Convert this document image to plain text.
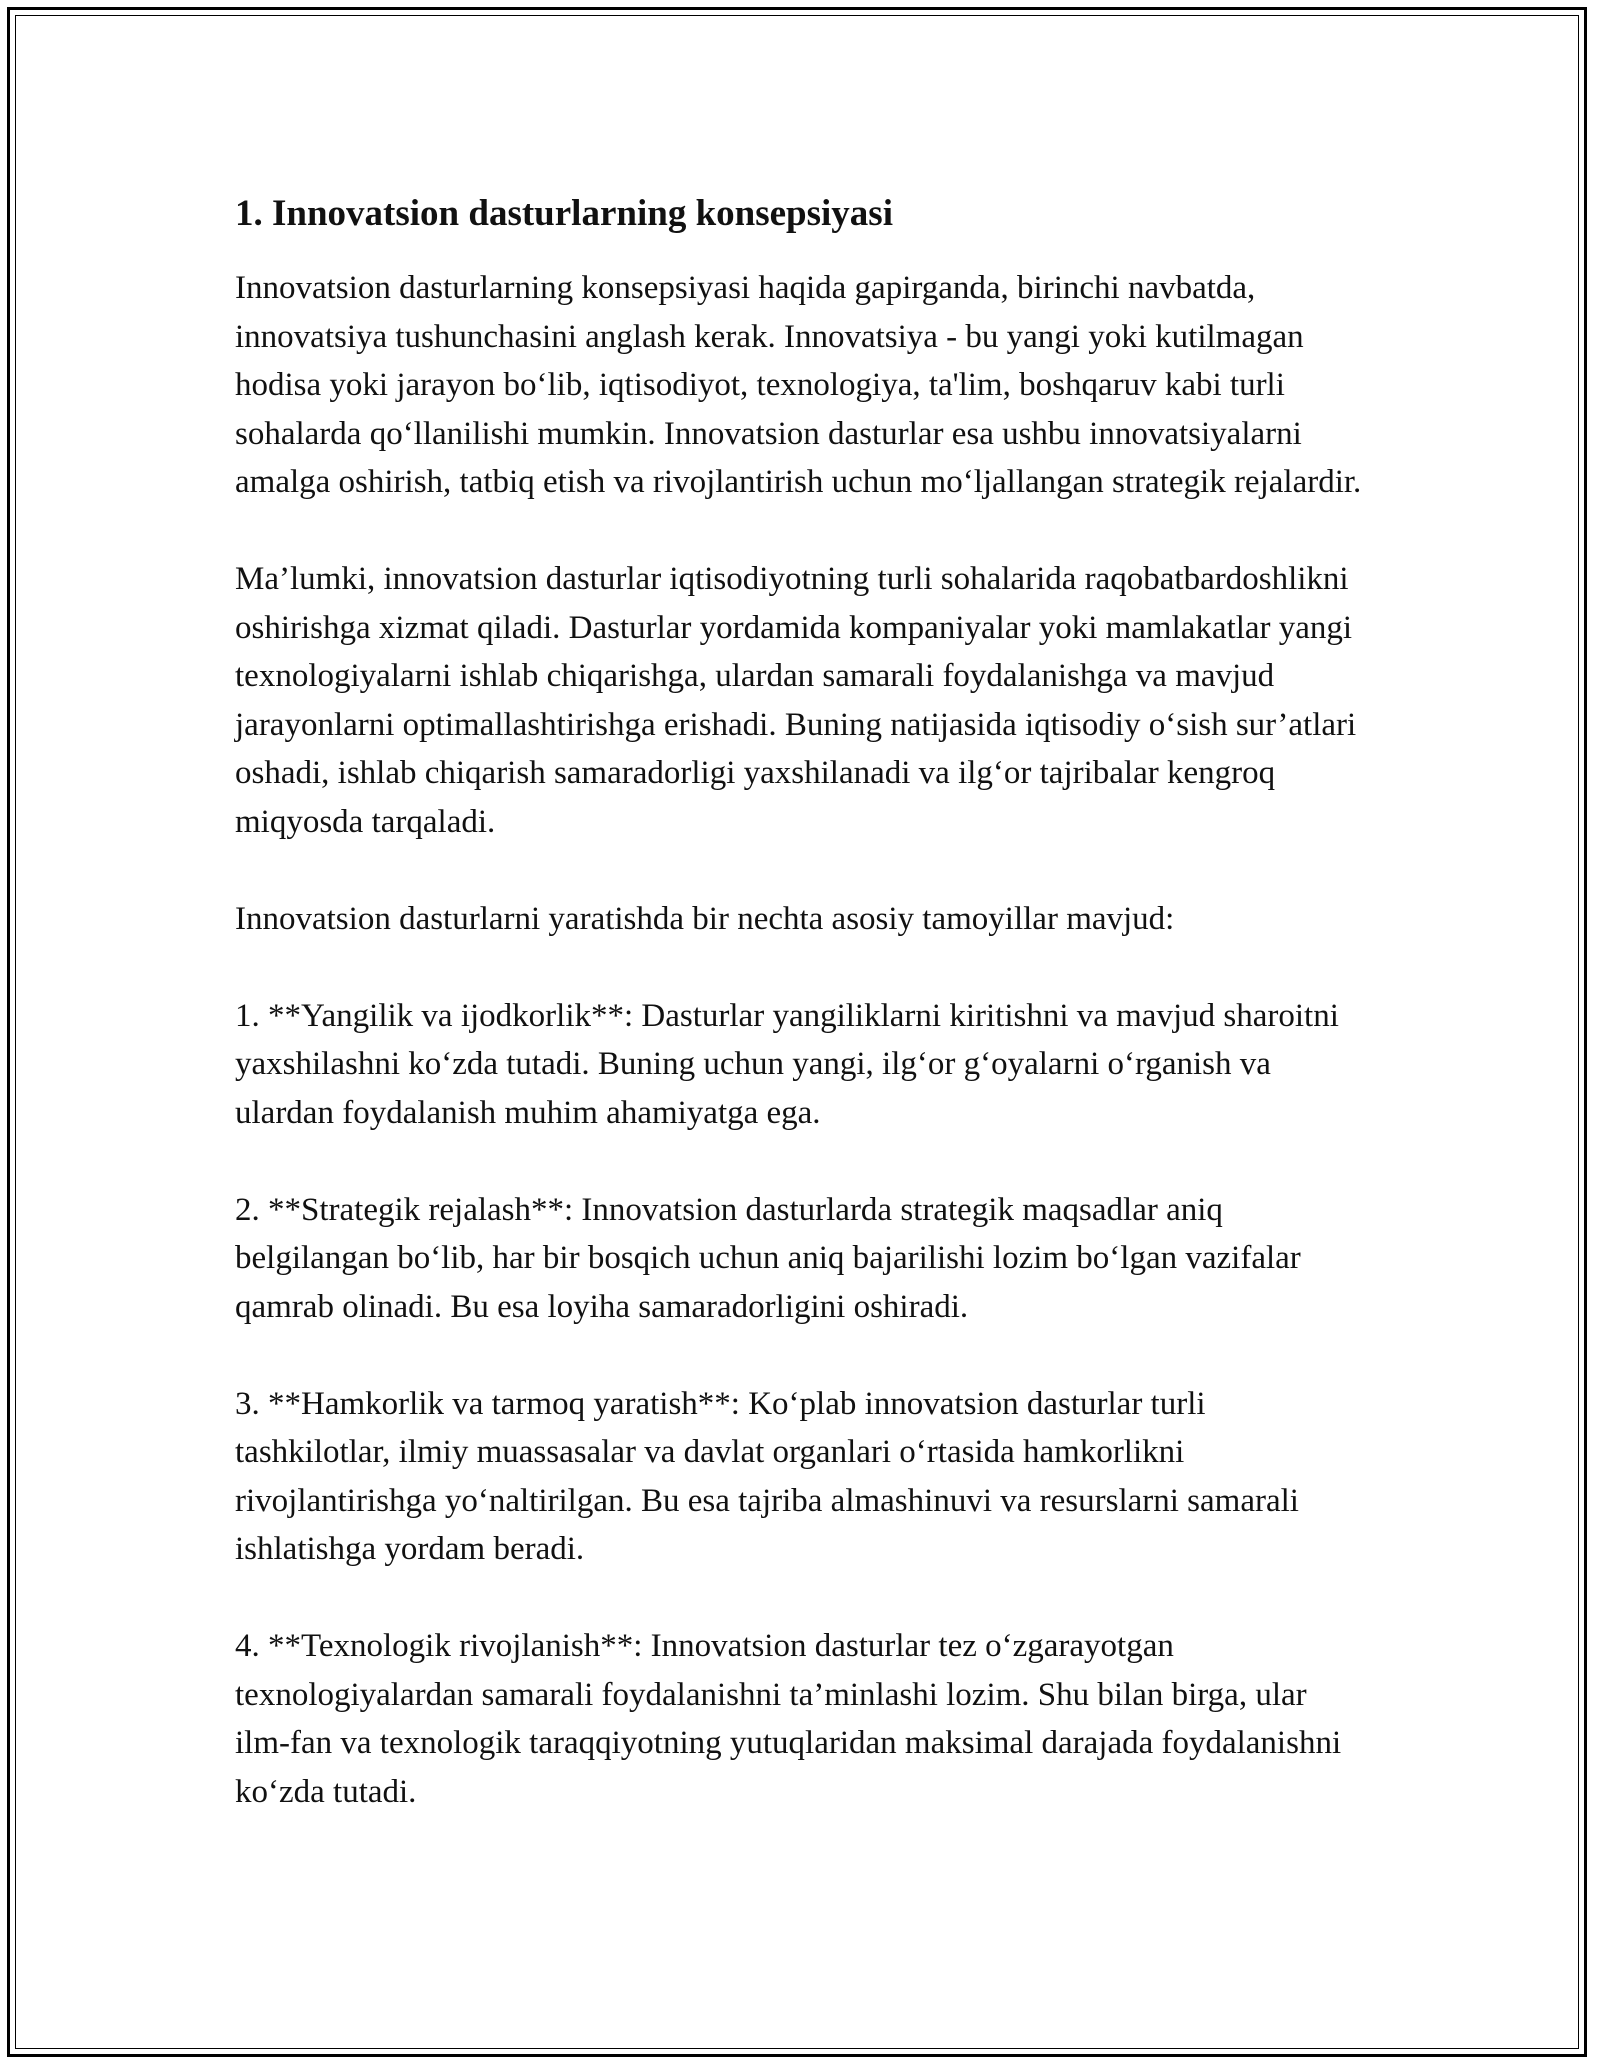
1. Innovatsion dasturlarning konsepsiyasi

Innovatsion dasturlarning konsepsiyasi haqida gapirganda, birinchi navbatda, innovatsiya tushunchasini anglash kerak. Innovatsiya - bu yangi yoki kutilmagan hodisa yoki jarayon bo‘lib, iqtisodiyot, texnologiya, ta'lim, boshqaruv kabi turli sohalarda qo‘llanilishi mumkin. Innovatsion dasturlar esa ushbu innovatsiyalarni amalga oshirish, tatbiq etish va rivojlantirish uchun mo‘ljallangan strategik rejalardir.

Ma’lumki, innovatsion dasturlar iqtisodiyotning turli sohalarida raqobatbardoshlikni oshirishga xizmat qiladi. Dasturlar yordamida kompaniyalar yoki mamlakatlar yangi texnologiyalarni ishlab chiqarishga, ulardan samarali foydalanishga va mavjud jarayonlarni optimallashtirishga erishadi. Buning natijasida iqtisodiy o‘sish sur’atlari oshadi, ishlab chiqarish samaradorligi yaxshilanadi va ilg‘or tajribalar kengroq miqyosda tarqaladi.

Innovatsion dasturlarni yaratishda bir nechta asosiy tamoyillar mavjud:

1. **Yangilik va ijodkorlik**: Dasturlar yangiliklarni kiritishni va mavjud sharoitni yaxshilashni ko‘zda tutadi. Buning uchun yangi, ilg‘or g‘oyalarni o‘rganish va ulardan foydalanish muhim ahamiyatga ega.

2. **Strategik rejalash**: Innovatsion dasturlarda strategik maqsadlar aniq belgilangan bo‘lib, har bir bosqich uchun aniq bajarilishi lozim bo‘lgan vazifalar qamrab olinadi. Bu esa loyiha samaradorligini oshiradi.

3. **Hamkorlik va tarmoq yaratish**: Ko‘plab innovatsion dasturlar turli tashkilotlar, ilmiy muassasalar va davlat organlari o‘rtasida hamkorlikni rivojlantirishga yo‘naltirilgan. Bu esa tajriba almashinuvi va resurslarni samarali ishlatishga yordam beradi.

4. **Texnologik rivojlanish**: Innovatsion dasturlar tez o‘zgarayotgan texnologiyalardan samarali foydalanishni ta’minlashi lozim. Shu bilan birga, ular ilm-fan va texnologik taraqqiyotning yutuqlaridan maksimal darajada foydalanishni ko‘zda tutadi.
